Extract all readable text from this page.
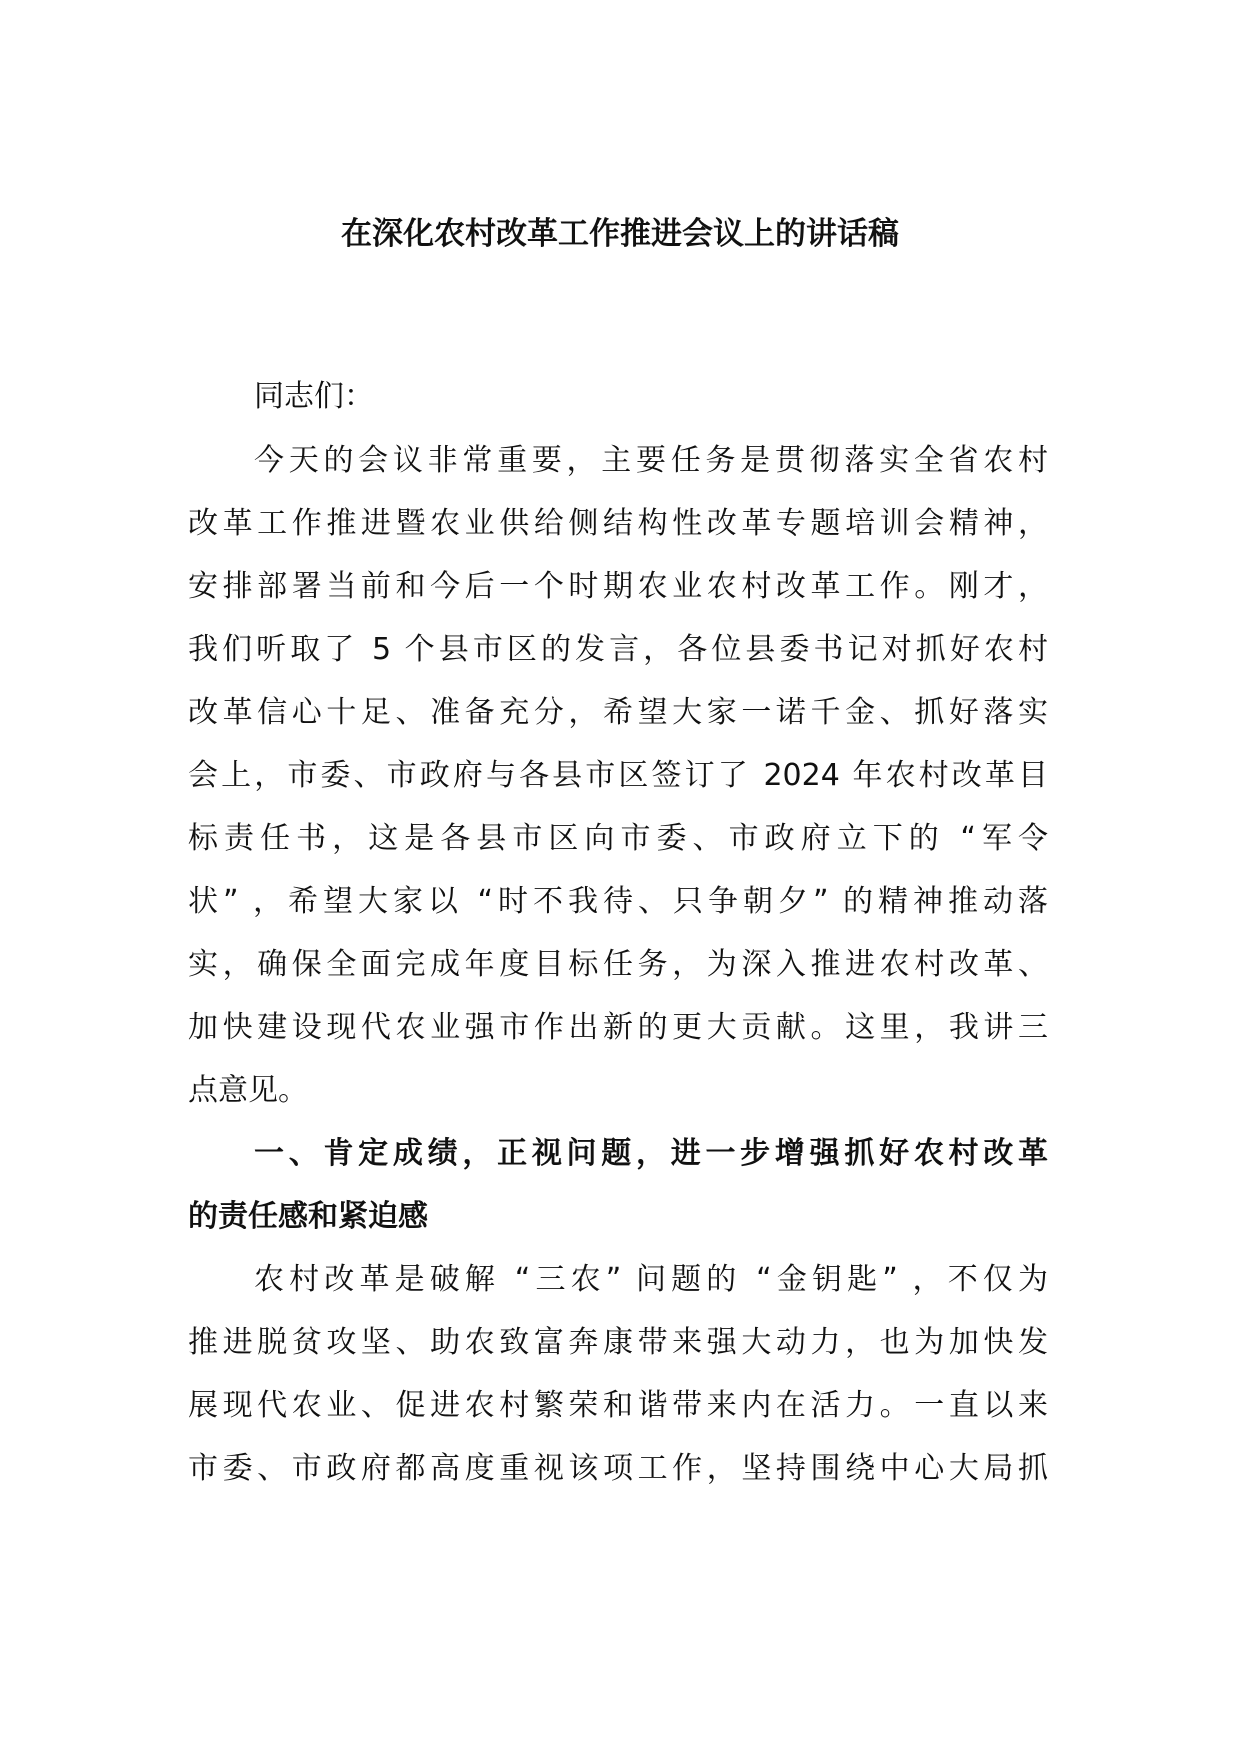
在深化农村改革工作推进会议上的讲话稿

同志们：

今天的会议非常重要，主要任务是贯彻落实全省农村

改革工作推进暨农业供给侧结构性改革专题培训会精神，

安排部署当前和今后一个时期农业农村改革工作。刚才，

我们听取了 5 个县市区的发言，各位县委书记对抓好农村

改革信心十足、准备充分，希望大家一诺千金、抓好落实

会上，市委、市政府与各县市区签订了 2024 年农村改革目

标责任书，这是各县市区向市委、市政府立下的 “军令

状” ，希望大家以 “时不我待、只争朝夕” 的精神推动落

实，确保全面完成年度目标任务，为深入推进农村改革、

加快建设现代农业强市作出新的更大贡献。这里，我讲三

点意见。

一、肯定成绩，正视问题，进一步增强抓好农村改革

的责任感和紧迫感

农村改革是破解 “三农” 问题的 “金钥匙” ，不仅为

推进脱贫攻坚、助农致富奔康带来强大动力，也为加快发

展现代农业、促进农村繁荣和谐带来内在活力。一直以来

市委、市政府都高度重视该项工作，坚持围绕中心大局抓
